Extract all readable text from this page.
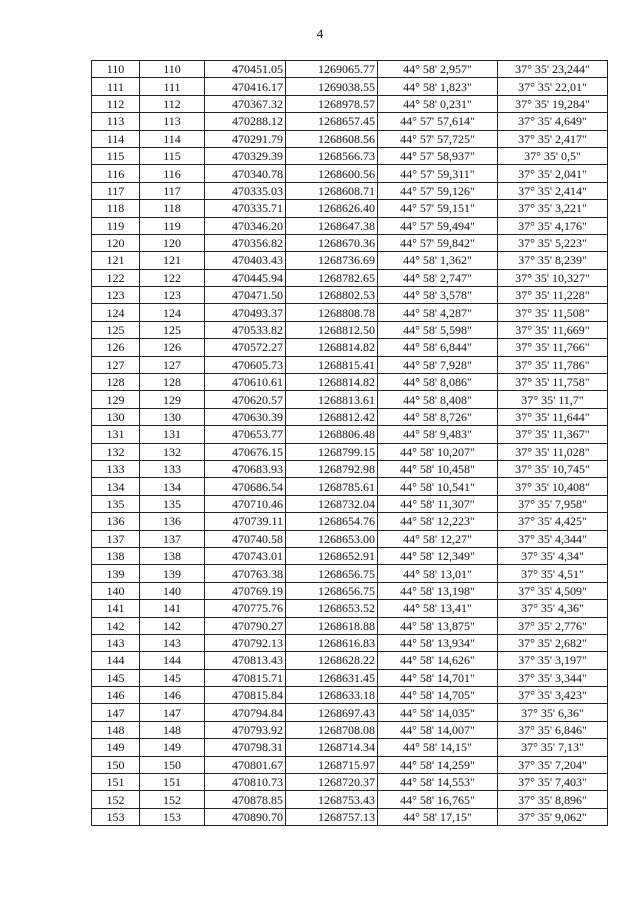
4
110	110	470451.05	1269065.77	44° 58' 2,957"	37° 35' 23,244"
111	111	470416.17	1269038.55	44° 58' 1,823"	37° 35' 22,01"
112	112	470367.32	1268978.57	44° 58' 0,231"	37° 35' 19,284"
113	113	470288.12	1268657.45	44° 57' 57,614"	37° 35' 4,649"
114	114	470291.79	1268608.56	44° 57' 57,725"	37° 35' 2,417"
115	115	470329.39	1268566.73	44° 57' 58,937"	37° 35' 0,5"
116	116	470340.78	1268600.56	44° 57' 59,311"	37° 35' 2,041"
117	117	470335.03	1268608.71	44° 57' 59,126"	37° 35' 2,414"
118	118	470335.71	1268626.40	44° 57' 59,151"	37° 35' 3,221"
119	119	470346.20	1268647.38	44° 57' 59,494"	37° 35' 4,176"
120	120	470356.82	1268670.36	44° 57' 59,842"	37° 35' 5,223"
121	121	470403.43	1268736.69	44° 58' 1,362"	37° 35' 8,239"
122	122	470445.94	1268782.65	44° 58' 2,747"	37° 35' 10,327"
123	123	470471.50	1268802.53	44° 58' 3,578"	37° 35' 11,228"
124	124	470493.37	1268808.78	44° 58' 4,287"	37° 35' 11,508"
125	125	470533.82	1268812.50	44° 58' 5,598"	37° 35' 11,669"
126	126	470572.27	1268814.82	44° 58' 6,844"	37° 35' 11,766"
127	127	470605.73	1268815.41	44° 58' 7,928"	37° 35' 11,786"
128	128	470610.61	1268814.82	44° 58' 8,086"	37° 35' 11,758"
129	129	470620.57	1268813.61	44° 58' 8,408"	37° 35' 11,7"
130	130	470630.39	1268812.42	44° 58' 8,726"	37° 35' 11,644"
131	131	470653.77	1268806.48	44° 58' 9,483"	37° 35' 11,367"
132	132	470676.15	1268799.15	44° 58' 10,207"	37° 35' 11,028"
133	133	470683.93	1268792.98	44° 58' 10,458"	37° 35' 10,745"
134	134	470686.54	1268785.61	44° 58' 10,541"	37° 35' 10,408"
135	135	470710.46	1268732.04	44° 58' 11,307"	37° 35' 7,958"
136	136	470739.11	1268654.76	44° 58' 12,223"	37° 35' 4,425"
137	137	470740.58	1268653.00	44° 58' 12,27"	37° 35' 4,344"
138	138	470743.01	1268652.91	44° 58' 12,349"	37° 35' 4,34"
139	139	470763.38	1268656.75	44° 58' 13,01"	37° 35' 4,51"
140	140	470769.19	1268656.75	44° 58' 13,198"	37° 35' 4,509"
141	141	470775.76	1268653.52	44° 58' 13,41"	37° 35' 4,36"
142	142	470790.27	1268618.88	44° 58' 13,875"	37° 35' 2,776"
143	143	470792.13	1268616.83	44° 58' 13,934"	37° 35' 2,682"
144	144	470813.43	1268628.22	44° 58' 14,626"	37° 35' 3,197"
145	145	470815.71	1268631.45	44° 58' 14,701"	37° 35' 3,344"
146	146	470815.84	1268633.18	44° 58' 14,705"	37° 35' 3,423"
147	147	470794.84	1268697.43	44° 58' 14,035"	37° 35' 6,36"
148	148	470793.92	1268708.08	44° 58' 14,007"	37° 35' 6,846"
149	149	470798.31	1268714.34	44° 58' 14,15"	37° 35' 7,13"
150	150	470801.67	1268715.97	44° 58' 14,259"	37° 35' 7,204"
151	151	470810.73	1268720.37	44° 58' 14,553"	37° 35' 7,403"
152	152	470878.85	1268753.43	44° 58' 16,765"	37° 35' 8,896"
153	153	470890.70	1268757.13	44° 58' 17,15"	37° 35' 9,062"
